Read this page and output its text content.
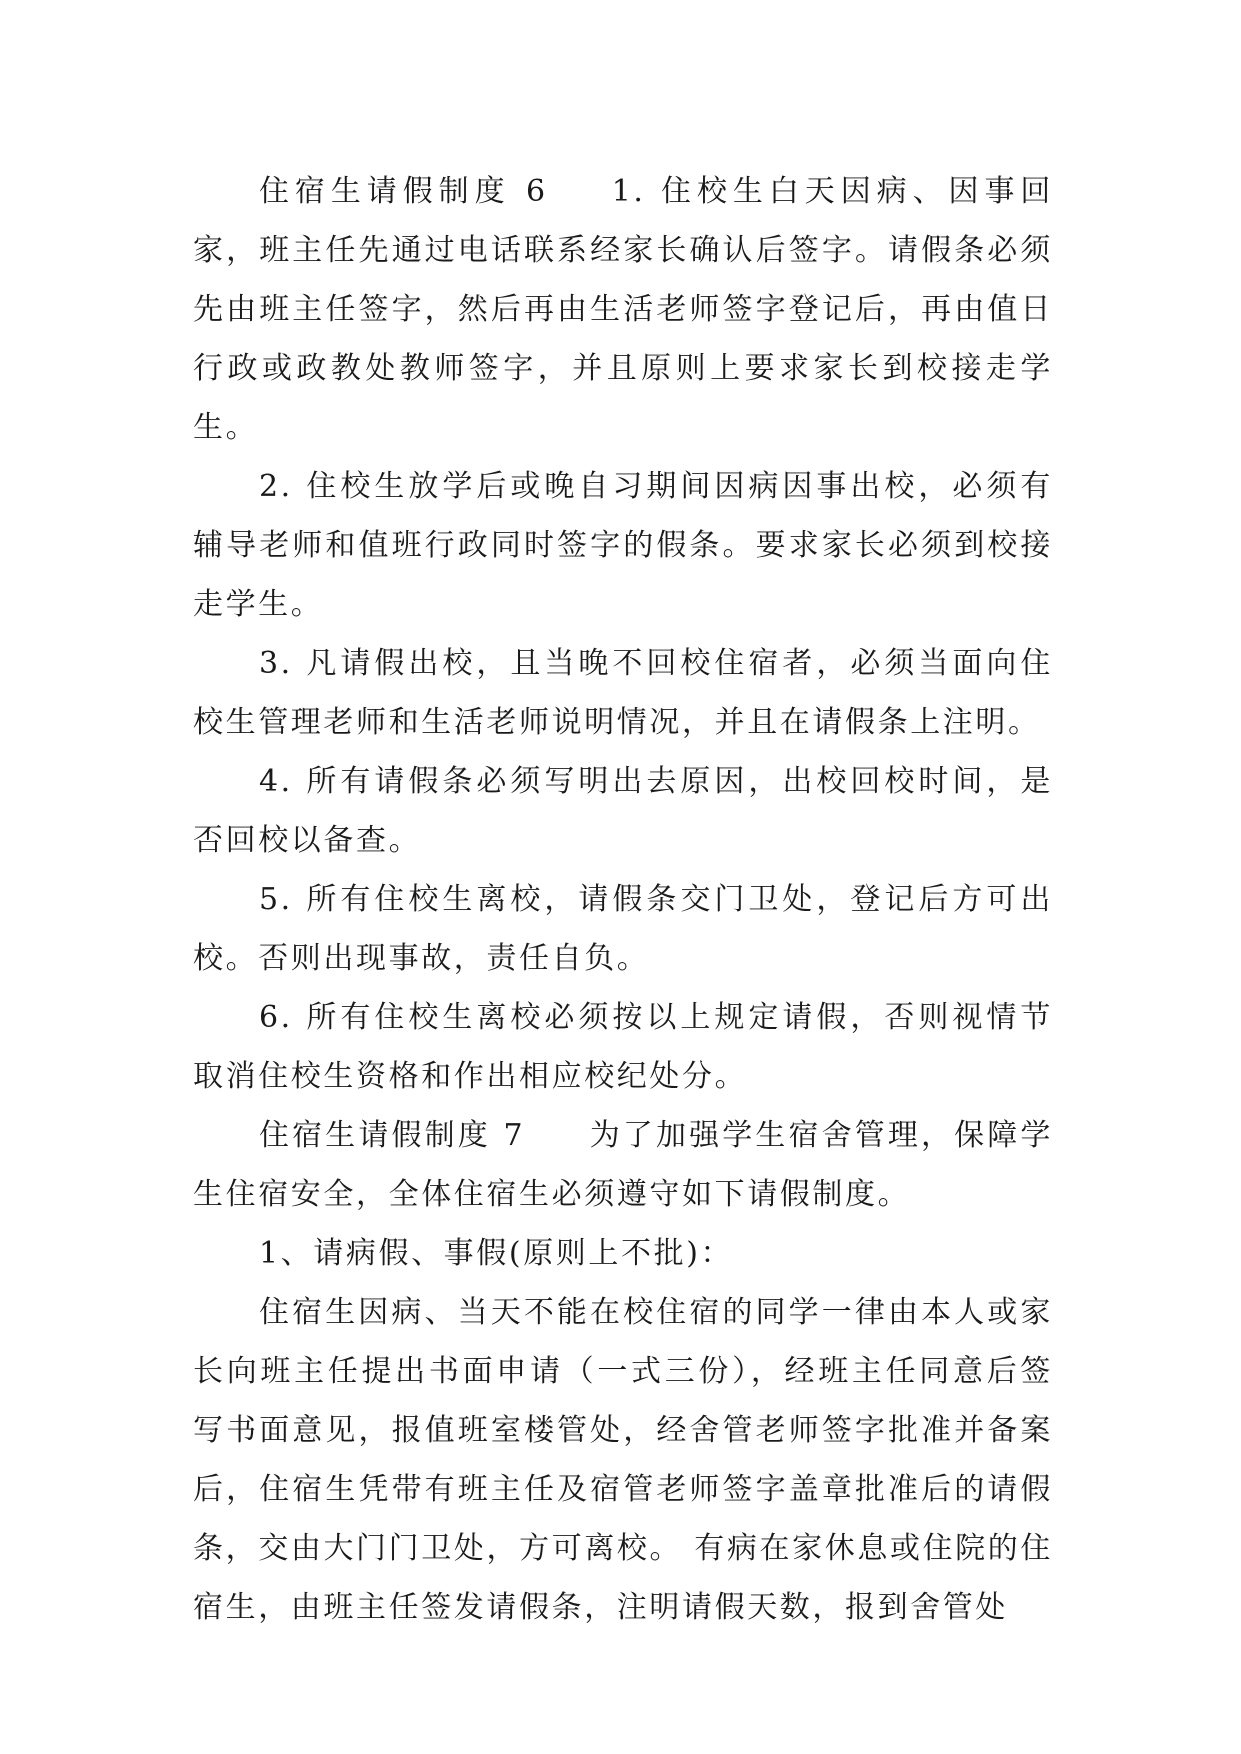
住宿生请假制度 6 1. 住校生白天因病、因事回家，班主任先通过电话联系经家长确认后签字。请假条必须先由班主任签字，然后再由生活老师签字登记后，再由值日行政或政教处教师签字，并且原则上要求家长到校接走学生。

2. 住校生放学后或晚自习期间因病因事出校，必须有辅导老师和值班行政同时签字的假条。要求家长必须到校接走学生。

3. 凡请假出校，且当晚不回校住宿者，必须当面向住校生管理老师和生活老师说明情况，并且在请假条上注明。

4. 所有请假条必须写明出去原因，出校回校时间，是否回校以备查。

5. 所有住校生离校，请假条交门卫处，登记后方可出校。否则出现事故，责任自负。

6. 所有住校生离校必须按以上规定请假，否则视情节取消住校生资格和作出相应校纪处分。

住宿生请假制度 7 为了加强学生宿舍管理，保障学生住宿安全，全体住宿生必须遵守如下请假制度。

1、请病假、事假(原则上不批)：

住宿生因病、当天不能在校住宿的同学一律由本人或家长向班主任提出书面申请（一式三份），经班主任同意后签写书面意见，报值班室楼管处，经舍管老师签字批准并备案后，住宿生凭带有班主任及宿管老师签字盖章批准后的请假条，交由大门门卫处，方可离校。 有病在家休息或住院的住宿生，由班主任签发请假条，注明请假天数，报到舍管处
